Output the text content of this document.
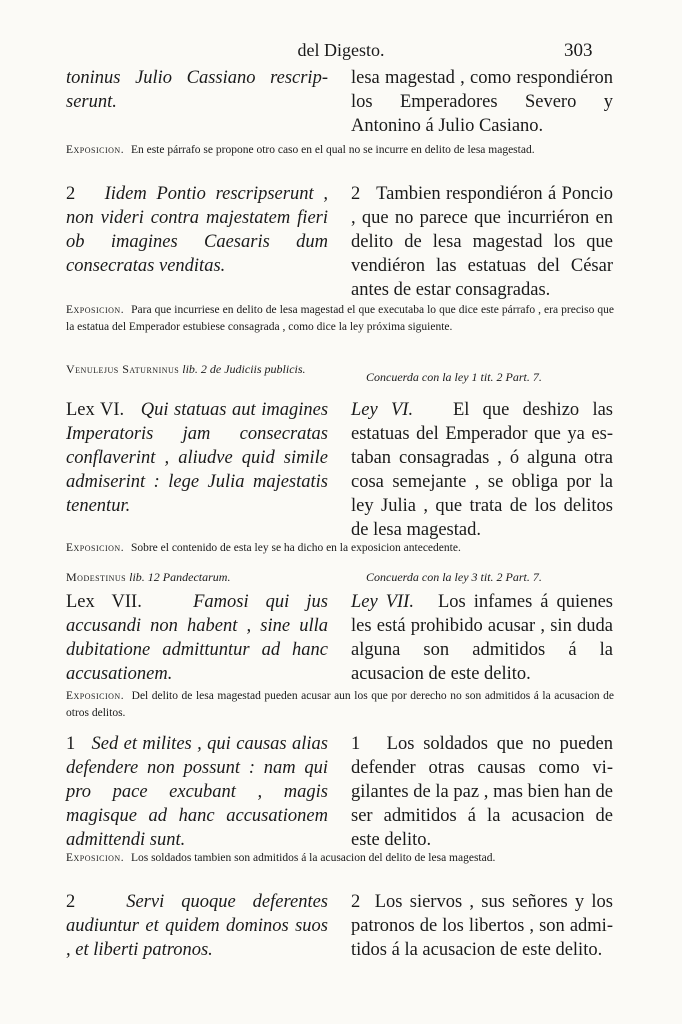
del Digesto.	303
toninus Julio Cassiano rescripserunt.
lesa magestad , como respondiéron los Emperadores Severo y Antonino á Julio Casiano.
Exposicion. En este párrafo se propone otro caso en el qual no se incurre en delito de lesa magestad.
2 Iidem Pontio rescripserunt , non videri contra majestatem fieri ob imagines Caesaris dum consecratas venditas.
2 Tambien respondiéron á Poncio , que no parece que incurriéron en delito de lesa magestad los que vendiéron las estatuas del César antes de estar consagradas.
Exposicion. Para que incurriese en delito de lesa magestad el que executaba lo que dice este párrafo , era preciso que la estatua del Emperador estubiese consagrada , como dice la ley próxima siguiente.
Venulejus Saturninus lib. 2 de Judiciis publicis.
Concuerda con la ley 1 tit. 2 Part. 7.
Lex VI. Qui statuas aut imagines Imperatoris jam consecratas conflaverint , aliudve quid simile admiserint : lege Julia majestatis tenentur.
Ley VI. El que deshizo las estatuas del Emperador que ya estaban consagradas , ó alguna otra cosa semejante , se obliga por la ley Julia , que trata de los delitos de lesa magestad.
Exposicion. Sobre el contenido de esta ley se ha dicho en la exposicion antecedente.
Modestinus lib. 12 Pandectarum.	Concuerda con la ley 3 tit. 2 Part. 7.
Lex VII.	Famosi qui jus accusandi non habent , sine ulla dubitatione admittuntur ad hanc accusationem.
Ley VII. Los infames á quienes les está prohibido acusar , sin duda alguna son admitidos á la acusacion de este delito.
Exposicion. Del delito de lesa magestad pueden acusar aun los que por derecho no son admitidos á la acusacion de otros delitos.
1 Sed et milites , qui causas alias defendere non possunt : nam qui pro pace excubant , magis magisque ad hanc accusationem admittendi sunt.
1 Los soldados que no pueden defender otras causas como vigilantes de la paz , mas bien han de ser admitidos á la acusacion de este delito.
Exposicion. Los soldados tambien son admitidos á la acusacion del delito de lesa magestad.
2	Servi quoque deferentes audiuntur et quidem dominos suos , et liberti patronos.
2 Los siervos , sus señores y los patronos de los libertos , son admitidos á la acusacion de este delito.
